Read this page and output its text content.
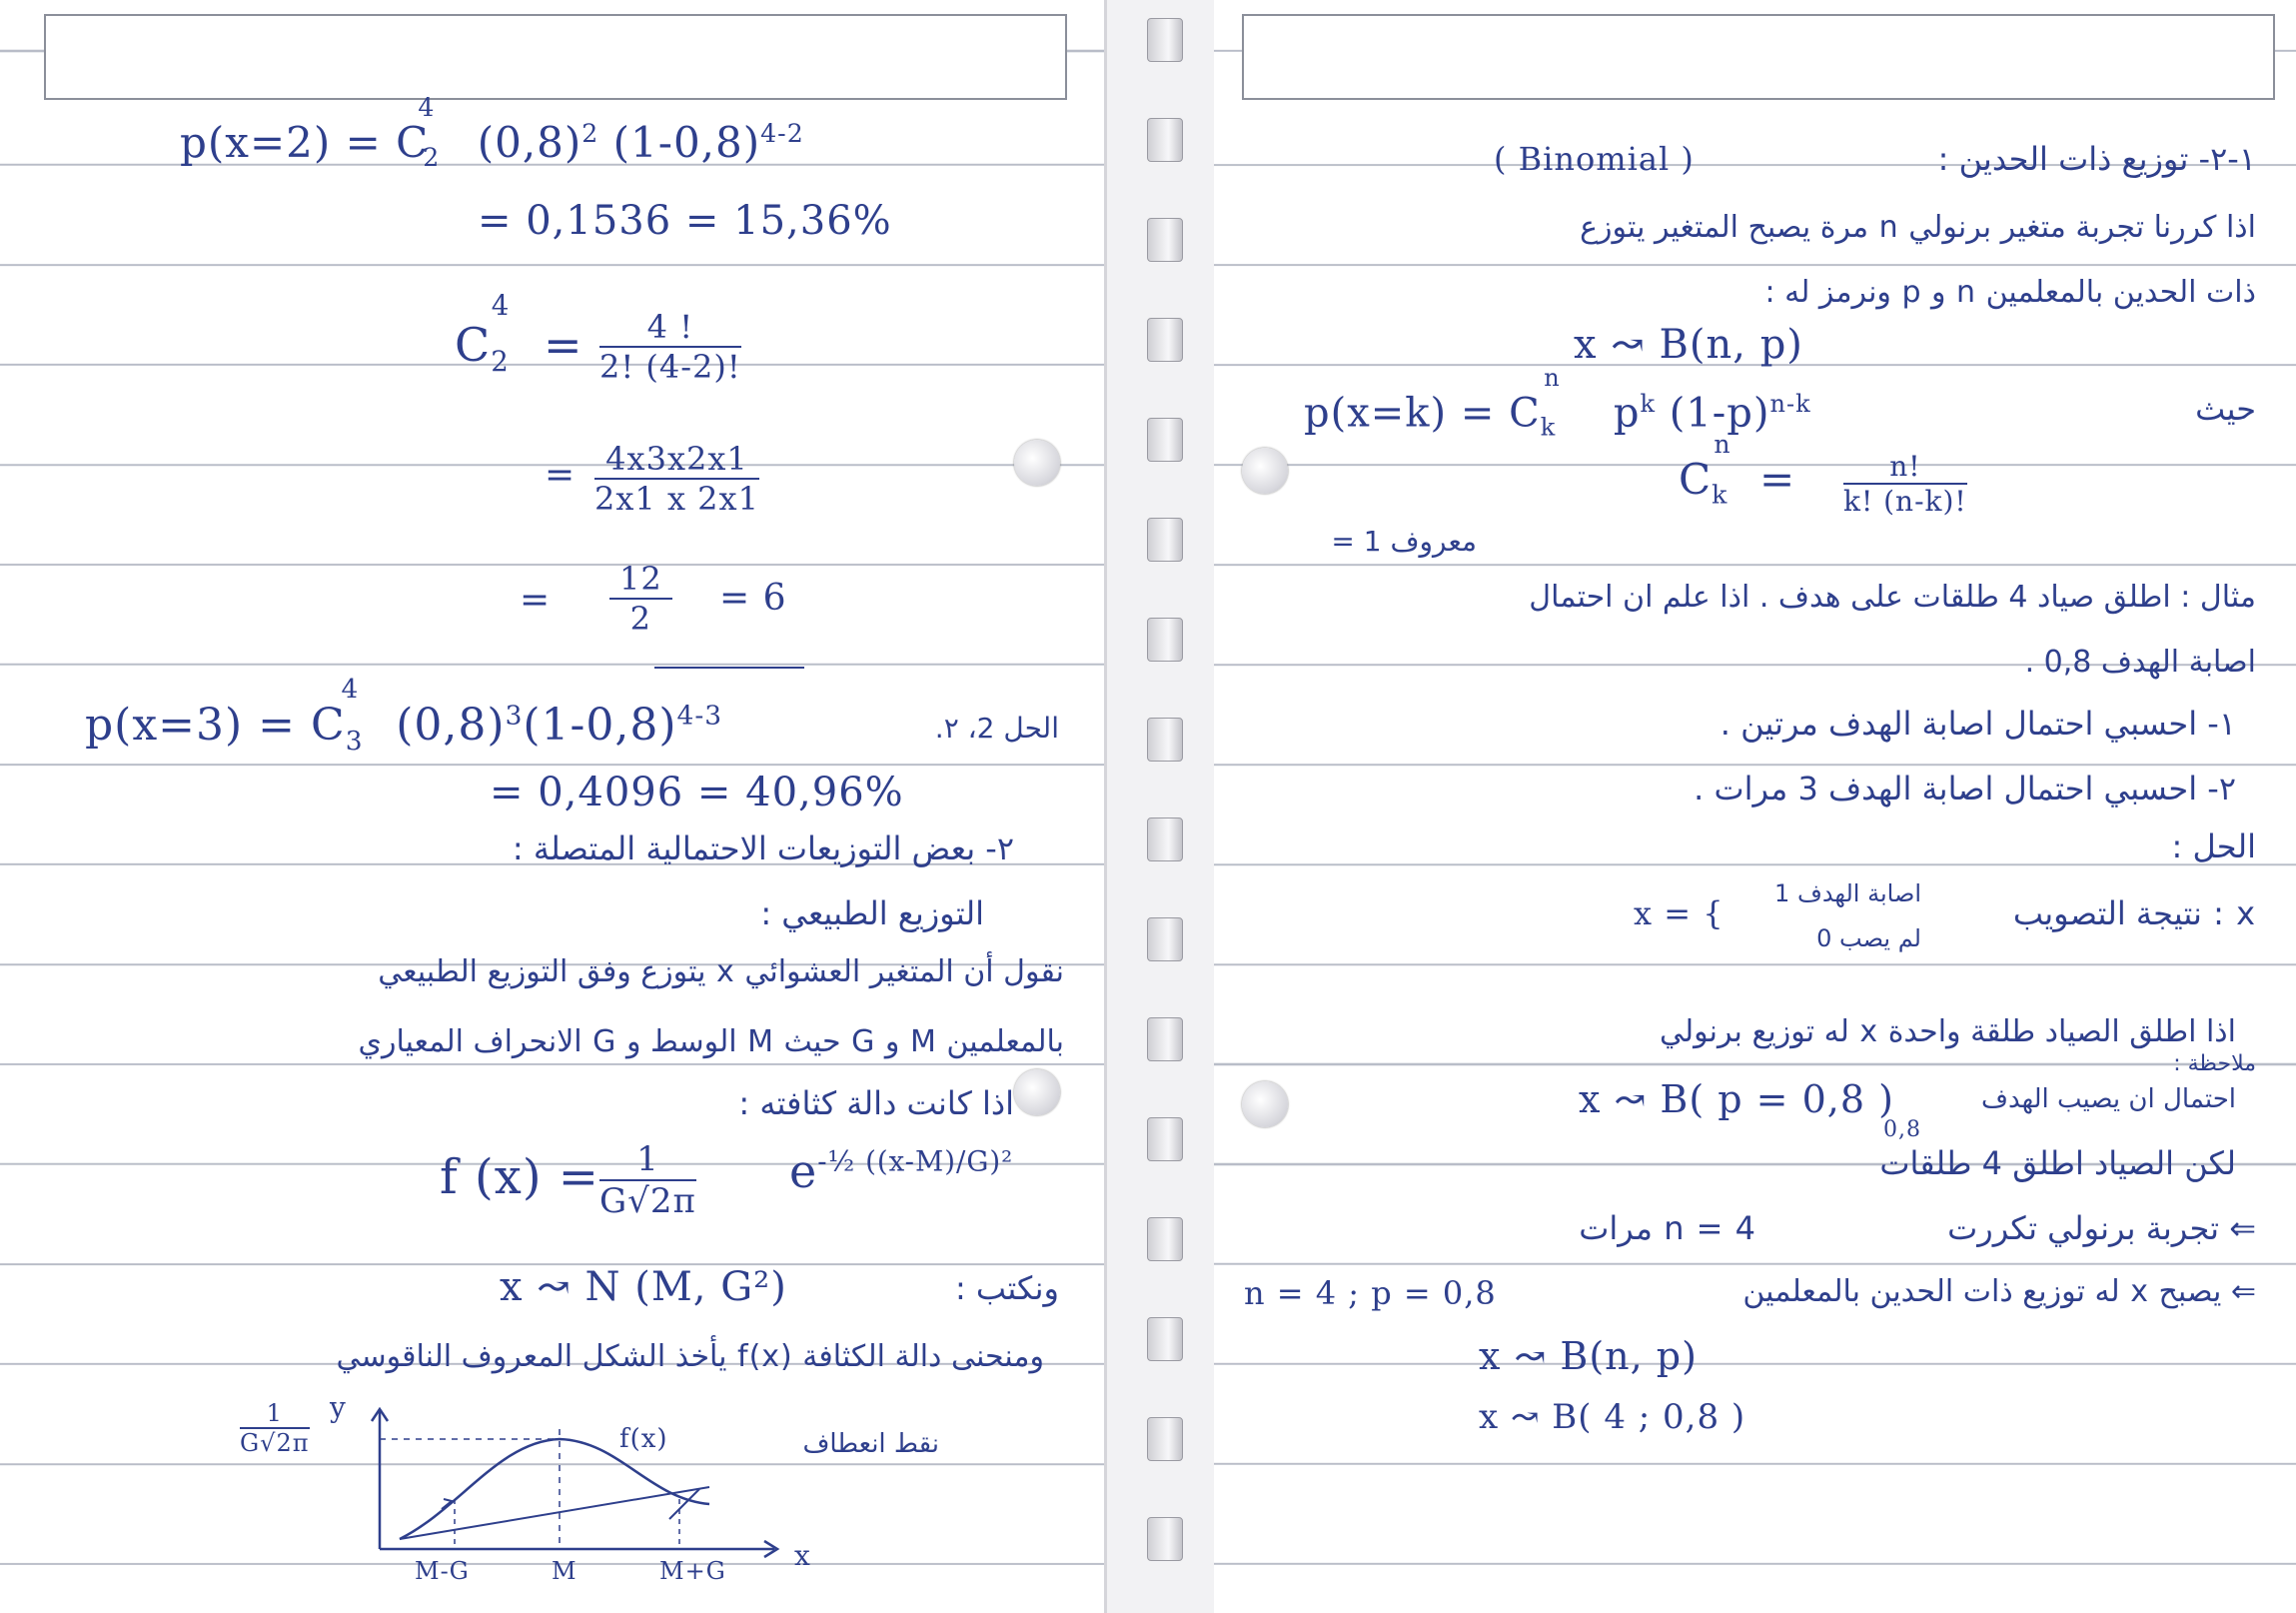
$p(x=2) = C_2^4$ $(0,8)^2$ $(1-0,8)^{4-2}$
= 0,1536 = 15,36%
$C_2^4 = \frac{4 !}{2! (4-2)!}$
= $\frac{4x3x2x1}{2x1 x 2x1}$
= $\frac{12}{2} = 6$
$p(x=3) = C_3^4$ $(0,8)^3(1-0,8)^{4-3}$	الحل 2، ٢.
= 0,4096 = 40,96%
٢- بعض التوزيعات الاحتمالية المتصلة :
التوزيع الطبيعي :
نقول أن المتغير العشوائي x يتوزع وفق التوزيع الطبيعي
بالمعلمين M و G حيث M الوسط و G الانحراف المعياري
اذا كانت دالة كثافته :
f $(x) = \frac{1}{G√2\pi} e^{-\frac{1}{2} ((x-M)/G)^2}$
ونكتب :
x ↝ N (M, G²)
ومنحنى دالة الكثافة f(x) يأخذ الشكل المعروف الناقوسي
$\frac{1}{G√2\pi}$	f(x)	نقط انعطاف
M-G	M	M+G x
y
١-٢- توزيع ذات الحدين :
( Binomial )
اذا كررنا تجربة متغير برنولي n مرة يصبح المتغير يتوزع
ذات الحدين بالمعلمين n و p ونرمز له :
x ↝ B(n, p)
حيث
$p(x=k) = C_k^n$   $p^k$ $(1-p)^{n-k}$
$C_k^n = \frac{n!}{k! (n-k)!}$
معروف 1 =
مثال : اطلق صياد 4 طلقات على هدف . اذا علم ان احتمال
اصابة الهدف 0,8 .
١- احسبي احتمال اصابة الهدف مرتين .
٢- احسبي احتمال اصابة الهدف 3 مرات .
الحل :
x : نتيجة التصويب
اصابة الهدف 1
لم يصب 0
x = {
اذا اطلق الصياد طلقة واحدة x له توزيع برنولي
ملاحظة :
احتمال ان يصيب الهدف
x ↝ B( p = 0,8 )
0,8
لكن الصياد اطلق 4 طلقات
⇐ تجربة برنولي تكررت
n = 4 مرات
⇐ يصبح x له توزيع ذات الحدين بالمعلمين
n = 4 ; p = 0,8
x ↝ B(n, p)
x ↝ B( 4 ; 0,8 )
